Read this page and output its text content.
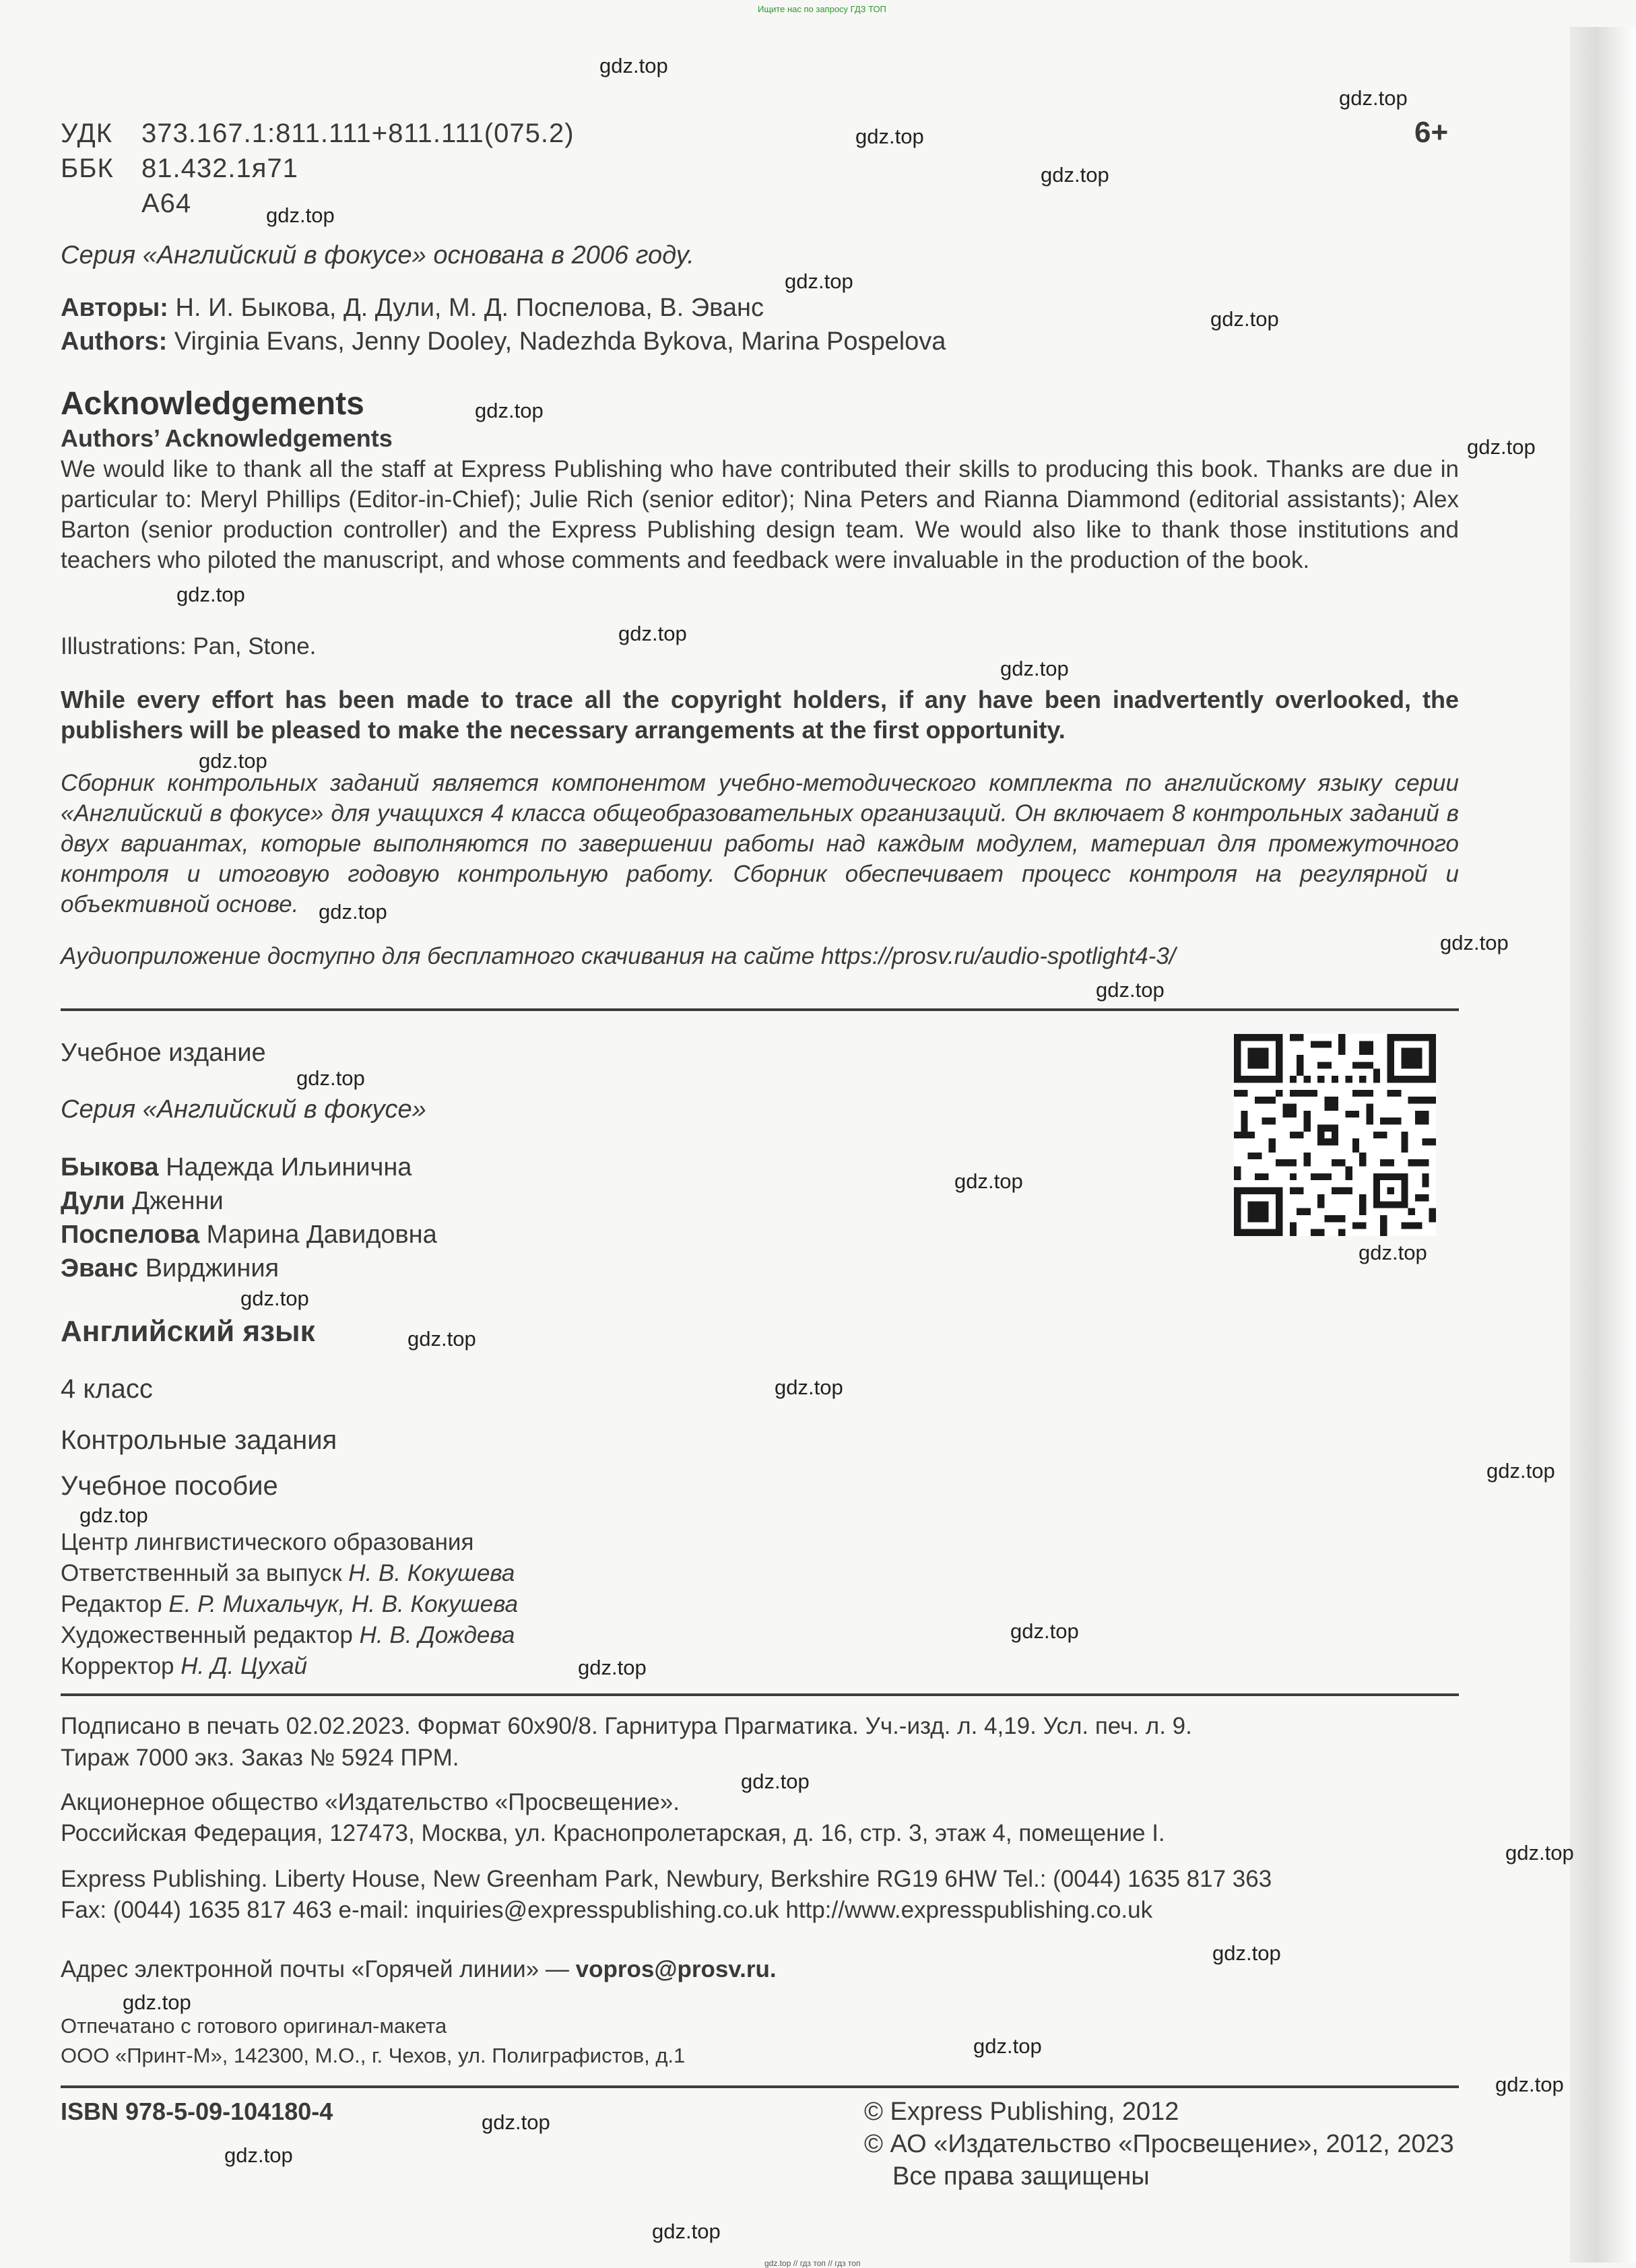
Ищите нас по запросу ГДЗ ТОП
gdz.top
gdz.top
gdz.top
gdz.top
gdz.top
gdz.top
gdz.top
gdz.top
gdz.top
gdz.top
gdz.top
gdz.top
gdz.top
gdz.top
gdz.top
gdz.top
gdz.top
gdz.top
gdz.top
gdz.top
gdz.top
gdz.top
gdz.top
gdz.top
gdz.top
gdz.top
gdz.top
gdz.top
gdz.top
gdz.top
gdz.top
gdz.top
gdz.top
gdz.top
gdz.top
УДК 373.167.1:811.111+811.111(075.2)
ББК 81.432.1я71
А64
6+
Серия «Английский в фокусе» основана в 2006 году.
Авторы: Н. И. Быкова, Д. Дули, М. Д. Поспелова, В. Эванс
Authors: Virginia Evans, Jenny Dooley, Nadezhda Bykova, Marina Pospelova
Acknowledgements
Authors’ Acknowledgements
We would like to thank all the staff at Express Publishing who have contributed their skills to producing this book. Thanks are due in particular to: Meryl Phillips (Editor-in-Chief); Julie Rich (senior editor); Nina Peters and Rianna Diammond (editorial assistants); Alex Barton (senior production controller) and the Express Publishing design team. We would also like to thank those institutions and teachers who piloted the manuscript, and whose comments and feedback were invaluable in the production of the book.
Illustrations: Pan, Stone.
While every effort has been made to trace all the copyright holders, if any have been inadvertently overlooked, the publishers will be pleased to make the necessary arrangements at the first opportunity.
Сборник контрольных заданий является компонентом учебно-методического комплекта по английскому языку серии «Английский в фокусе» для учащихся 4 класса общеобразовательных организаций. Он включает 8 контрольных заданий в двух вариантах, которые выполняются по завершении работы над каждым модулем, материал для промежуточного контроля и итоговую годовую контрольную работу. Сборник обеспечивает процесс контроля на регулярной и объективной основе.
Аудиоприложение доступно для бесплатного скачивания на сайте https://prosv.ru/audio-spotlight4-3/
Учебное издание
Серия «Английский в фокусе»
Быкова Надежда Ильинична
Дули Дженни
Поспелова Марина Давидовна
Эванс Вирджиния
Английский язык
4 класс
Контрольные задания
Учебное пособие
Центр лингвистического образования
Ответственный за выпуск Н. В. Кокушева
Редактор Е. Р. Михальчук, Н. В. Кокушева
Художественный редактор Н. В. Дождева
Корректор Н. Д. Цухай
Подписано в печать 02.02.2023. Формат 60х90/8. Гарнитура Прагматика. Уч.-изд. л. 4,19. Усл. печ. л. 9.
Тираж 7000 экз. Заказ № 5924 ПРМ.
Акционерное общество «Издательство «Просвещение».
Российская Федерация, 127473, Москва, ул. Краснопролетарская, д. 16, стр. 3, этаж 4, помещение I.
Express Publishing. Liberty House, New Greenham Park, Newbury, Berkshire RG19 6HW Tel.: (0044) 1635 817 363
Fax: (0044) 1635 817 463 e-mail: inquiries@expresspublishing.co.uk http://www.expresspublishing.co.uk
Адрес электронной почты «Горячей линии» — vopros@prosv.ru.
Отпечатано с готового оригинал-макета
ООО «Принт-М», 142300, М.О., г. Чехов, ул. Полиграфистов, д.1
ISBN 978-5-09-104180-4	© Express Publishing, 2012
© АО «Издательство «Просвещение», 2012, 2023
Все права защищены
gdz.top // гдз топ // гдз топ
